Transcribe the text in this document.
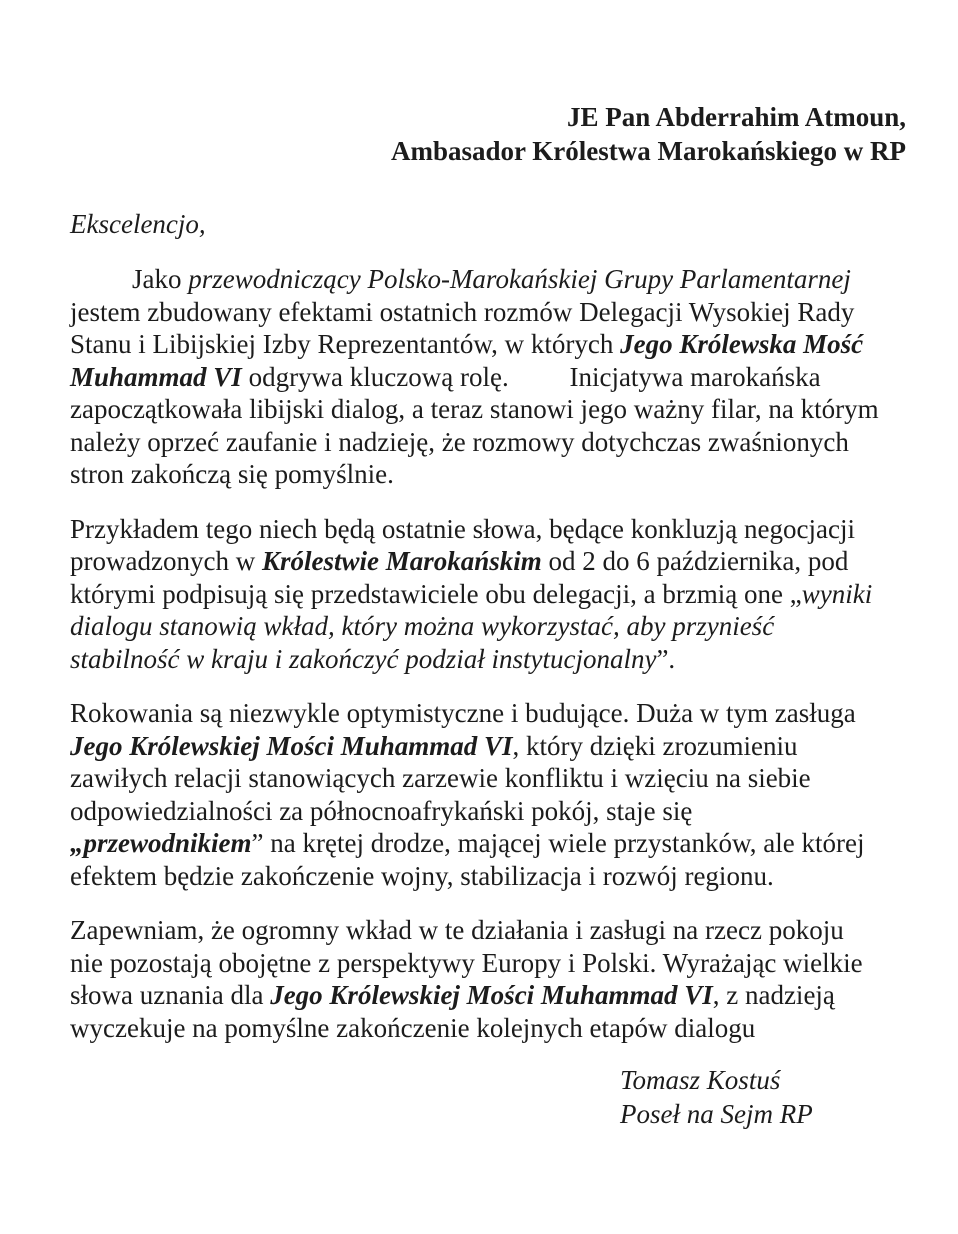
JE Pan Abderrahim Atmoun,
Ambasador Królestwa Marokańskiego w RP
Ekscelencjo,
Jako przewodniczący Polsko-Marokańskiej Grupy Parlamentarnej
jestem zbudowany efektami ostatnich rozmów Delegacji Wysokiej Rady
Stanu i Libijskiej Izby Reprezentantów, w których Jego Królewska Mość
Muhammad VI odgrywa kluczową rolę.         Inicjatywa marokańska
zapoczątkowała libijski dialog, a teraz stanowi jego ważny filar, na którym
należy oprzeć zaufanie i nadzieję, że rozmowy dotychczas zwaśnionych
stron zakończą się pomyślnie.
Przykładem tego niech będą ostatnie słowa, będące konkluzją negocjacji
prowadzonych w Królestwie Marokańskim od 2 do 6 października, pod
którymi podpisują się przedstawiciele obu delegacji, a brzmią one „wyniki
dialogu stanowią wkład, który można wykorzystać, aby przynieść
stabilność w kraju i zakończyć podział instytucjonalny”.
Rokowania są niezwykle optymistyczne i budujące. Duża w tym zasługa
Jego Królewskiej Mości Muhammad VI, który dzięki zrozumieniu
zawiłych relacji stanowiących zarzewie konfliktu i wzięciu na siebie
odpowiedzialności za północnoafrykański pokój, staje się
„przewodnikiem” na krętej drodze, mającej wiele przystanków, ale której
efektem będzie zakończenie wojny, stabilizacja i rozwój regionu.
Zapewniam, że ogromny wkład w te działania i zasługi na rzecz pokoju
nie pozostają obojętne z perspektywy Europy i Polski. Wyrażając wielkie
słowa uznania dla Jego Królewskiej Mości Muhammad VI, z nadzieją
wyczekuje na pomyślne zakończenie kolejnych etapów dialogu
Tomasz Kostuś
Poseł na Sejm RP
